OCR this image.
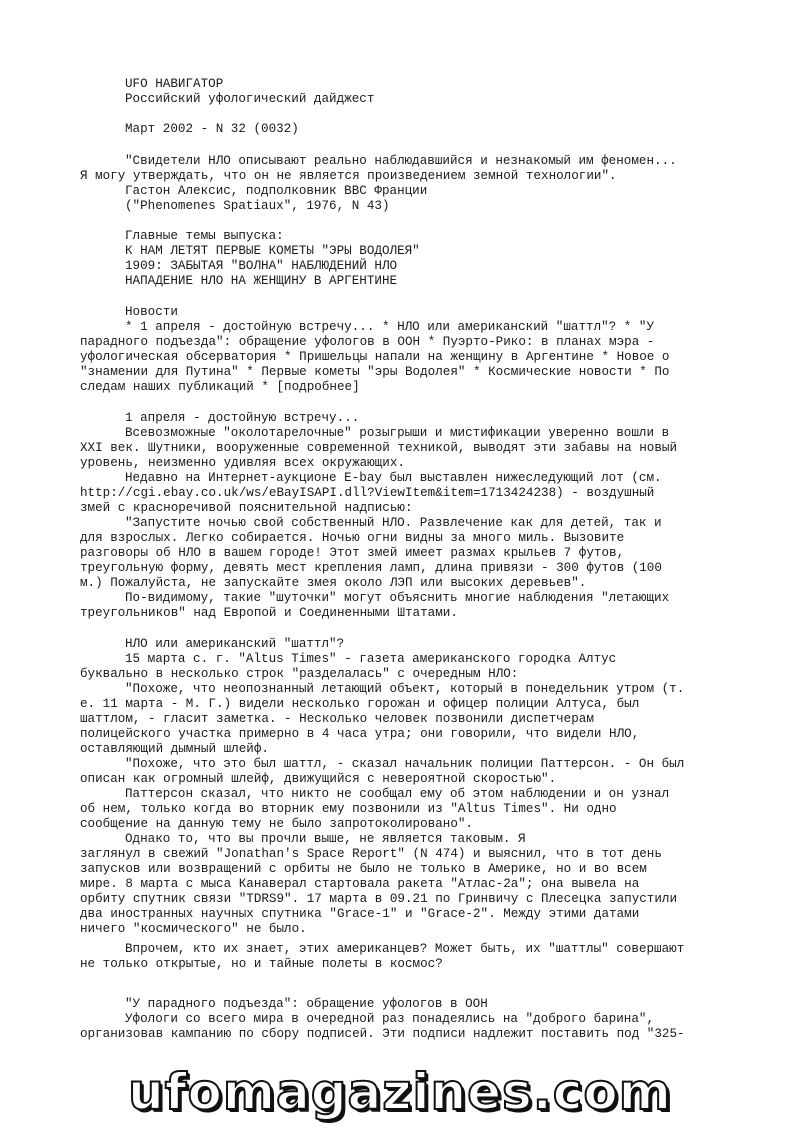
UFO НАВИГАТОР
Российский уфологический дайджест
Март 2002 - N 32 (0032)
"Свидетели НЛО описывают реально наблюдавшийся и незнакомый им феномен...
Я могу утверждать, что он не является произведением земной технологии".
Гастон Алексис, подполковник ВВС Франции
("Phenomenes Spatiaux", 1976, N 43)
Главные темы выпуска:
К НАМ ЛЕТЯТ ПЕРВЫЕ КОМЕТЫ "ЭРЫ ВОДОЛЕЯ"
1909: ЗАБЫТАЯ "ВОЛНА" НАБЛЮДЕНИЙ НЛО
НАПАДЕНИЕ НЛО НА ЖЕНЩИНУ В АРГЕНТИНЕ
Новости
* 1 апреля - достойную встречу... * НЛО или американский "шаттл"? * "У
парадного подъезда": обращение уфологов в ООН * Пуэрто-Рико: в планах мэра -
уфологическая обсерватория * Пришельцы напали на женщину в Аргентине * Новое о
"знамении для Путина" * Первые кометы "эры Водолея" * Космические новости * По
следам наших публикаций * [подробнее]
1 апреля - достойную встречу...
Всевозможные "околотарелочные" розыгрыши и мистификации уверенно вошли в
XXI век. Шутники, вооруженные современной техникой, выводят эти забавы на новый
уровень, неизменно удивляя всех окружающих.
Недавно на Интернет-аукционе E-bay был выставлен нижеследующий лот (см.
http://cgi.ebay.co.uk/ws/eBayISAPI.dll?ViewItem&item=1713424238) - воздушный
змей с красноречивой пояснительной надписью:
"Запустите ночью свой собственный НЛО. Развлечение как для детей, так и
для взрослых. Легко собирается. Ночью огни видны за много миль. Вызовите
разговоры об НЛО в вашем городе! Этот змей имеет размах крыльев 7 футов,
треугольную форму, девять мест крепления ламп, длина привязи - 300 футов (100
м.) Пожалуйста, не запускайте змея около ЛЭП или высоких деревьев".
По-видимому, такие "шуточки" могут объяснить многие наблюдения "летающих
треугольников" над Европой и Соединенными Штатами.
НЛО или американский "шаттл"?
15 марта с. г. "Altus Times" - газета американского городка Алтус
буквально в несколько строк "разделалась" с очередным НЛО:
"Похоже, что неопознанный летающий объект, который в понедельник утром (т.
е. 11 марта - М. Г.) видели несколько горожан и офицер полиции Алтуса, был
шаттлом, - гласит заметка. - Несколько человек позвонили диспетчерам
полицейского участка примерно в 4 часа утра; они говорили, что видели НЛО,
оставляющий дымный шлейф.
"Похоже, что это был шаттл, - сказал начальник полиции Паттерсон. - Он был
описан как огромный шлейф, движущийся с невероятной скоростью".
Паттерсон сказал, что никто не сообщал ему об этом наблюдении и он узнал
об нем, только когда во вторник ему позвонили из "Altus Times". Ни одно
сообщение на данную тему не было запротоколировано".
Однако то, что вы прочли выше, не является таковым. Я
заглянул в свежий "Jonathan's Space Report" (N 474) и выяснил, что в тот день
запусков или возвращений с орбиты не было не только в Америке, но и во всем
мире. 8 марта с мыса Канаверал стартовала ракета "Атлас-2а"; она вывела на
орбиту спутник связи "TDRS9". 17 марта в 09.21 по Гринвичу с Плесецка запустили
два иностранных научных спутника "Grace-1" и "Grace-2". Между этими датами
ничего "космического" не было.
Впрочем, кто их знает, этих американцев? Может быть, их "шаттлы" совершают
не только открытые, но и тайные полеты в космос?
"У парадного подъезда": обращение уфологов в ООН
Уфологи со всего мира в очередной раз понадеялись на "доброго барина",
организовав кампанию по сбору подписей. Эти подписи надлежит поставить под "325-
ufomagazines.com
